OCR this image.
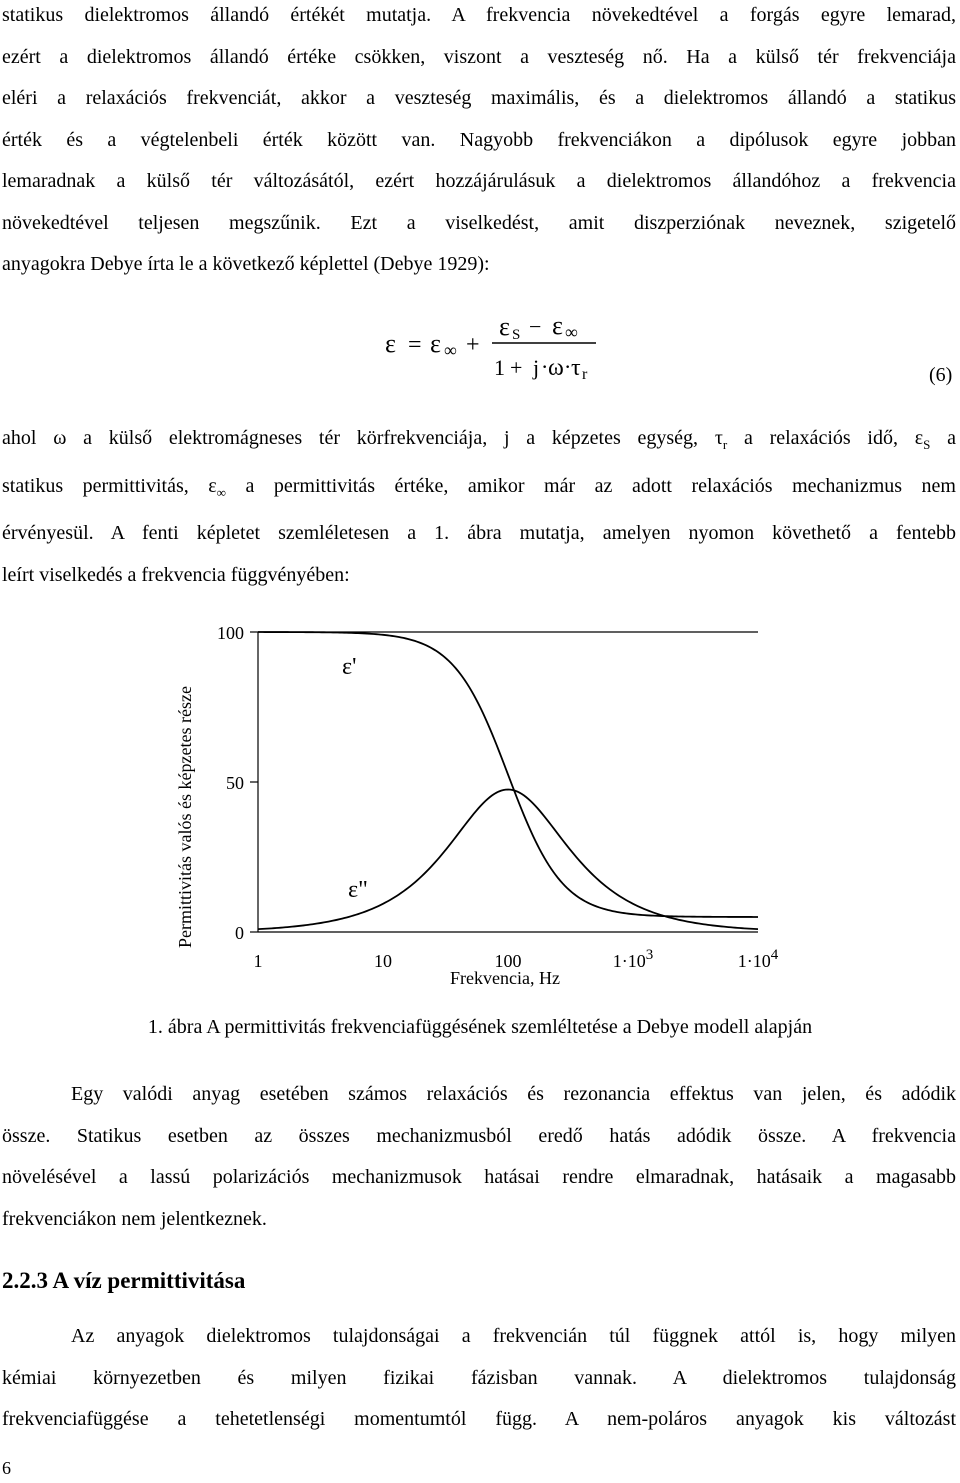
statikus dielektromos állandó értékét mutatja. A frekvencia növekedtével a forgás egyre lemarad,
ezért a dielektromos állandó értéke csökken, viszont a veszteség nő. Ha a külső tér frekvenciája
eléri a relaxációs frekvenciát, akkor a veszteség maximális, és a dielektromos állandó a statikus
érték és a végtelenbeli érték között van. Nagyobb frekvenciákon a dipólusok egyre jobban
lemaradnak a külső tér változásától, ezért hozzájárulásuk a dielektromos állandóhoz a frekvencia
növekedtével teljesen megszűnik. Ezt a viselkedést, amit diszperziónak neveznek, szigetelő
anyagokra Debye írta le a következő képlettel (Debye 1929):
ε = ε ∞ +
ε S − ε ∞
1 + j · ω · τ r	(6)
ahol ω a külső elektromágneses tér körfrekvenciája, j a képzetes egység, $\tau_r$ a relaxációs idő, $\varepsilon_S$ a
statikus permittivitás, $\varepsilon_\infty$ a permittivitás értéke, amikor már az adott relaxációs mechanizmus nem
érvényesül. A fenti képletet szemléletesen a 1. ábra mutatja, amelyen nyomon követhető a fentebb
leírt viselkedés a frekvencia függvényében:
0
50
100
1	10	100	$1\cdot 10^3$	$1\cdot 10^4$
Frekvencia, Hz
Permittivitás valós és képzetes része
ε'
ε"
1. ábra A permittivitás frekvenciafüggésének szemléltetése a Debye modell alapján
Egy valódi anyag esetében számos relaxációs és rezonancia effektus van jelen, és adódik
össze. Statikus esetben az összes mechanizmusból eredő hatás adódik össze. A frekvencia
növelésével a lassú polarizációs mechanizmusok hatásai rendre elmaradnak, hatásaik a magasabb
frekvenciákon nem jelentkeznek.
2.2.3 A víz permittivitása
Az anyagok dielektromos tulajdonságai a frekvencián túl függnek attól is, hogy milyen
kémiai környezetben és milyen fizikai fázisban vannak. A dielektromos tulajdonság
frekvenciafüggése a tehetetlenségi momentumtól függ. A nem-poláros anyagok kis változást
6
